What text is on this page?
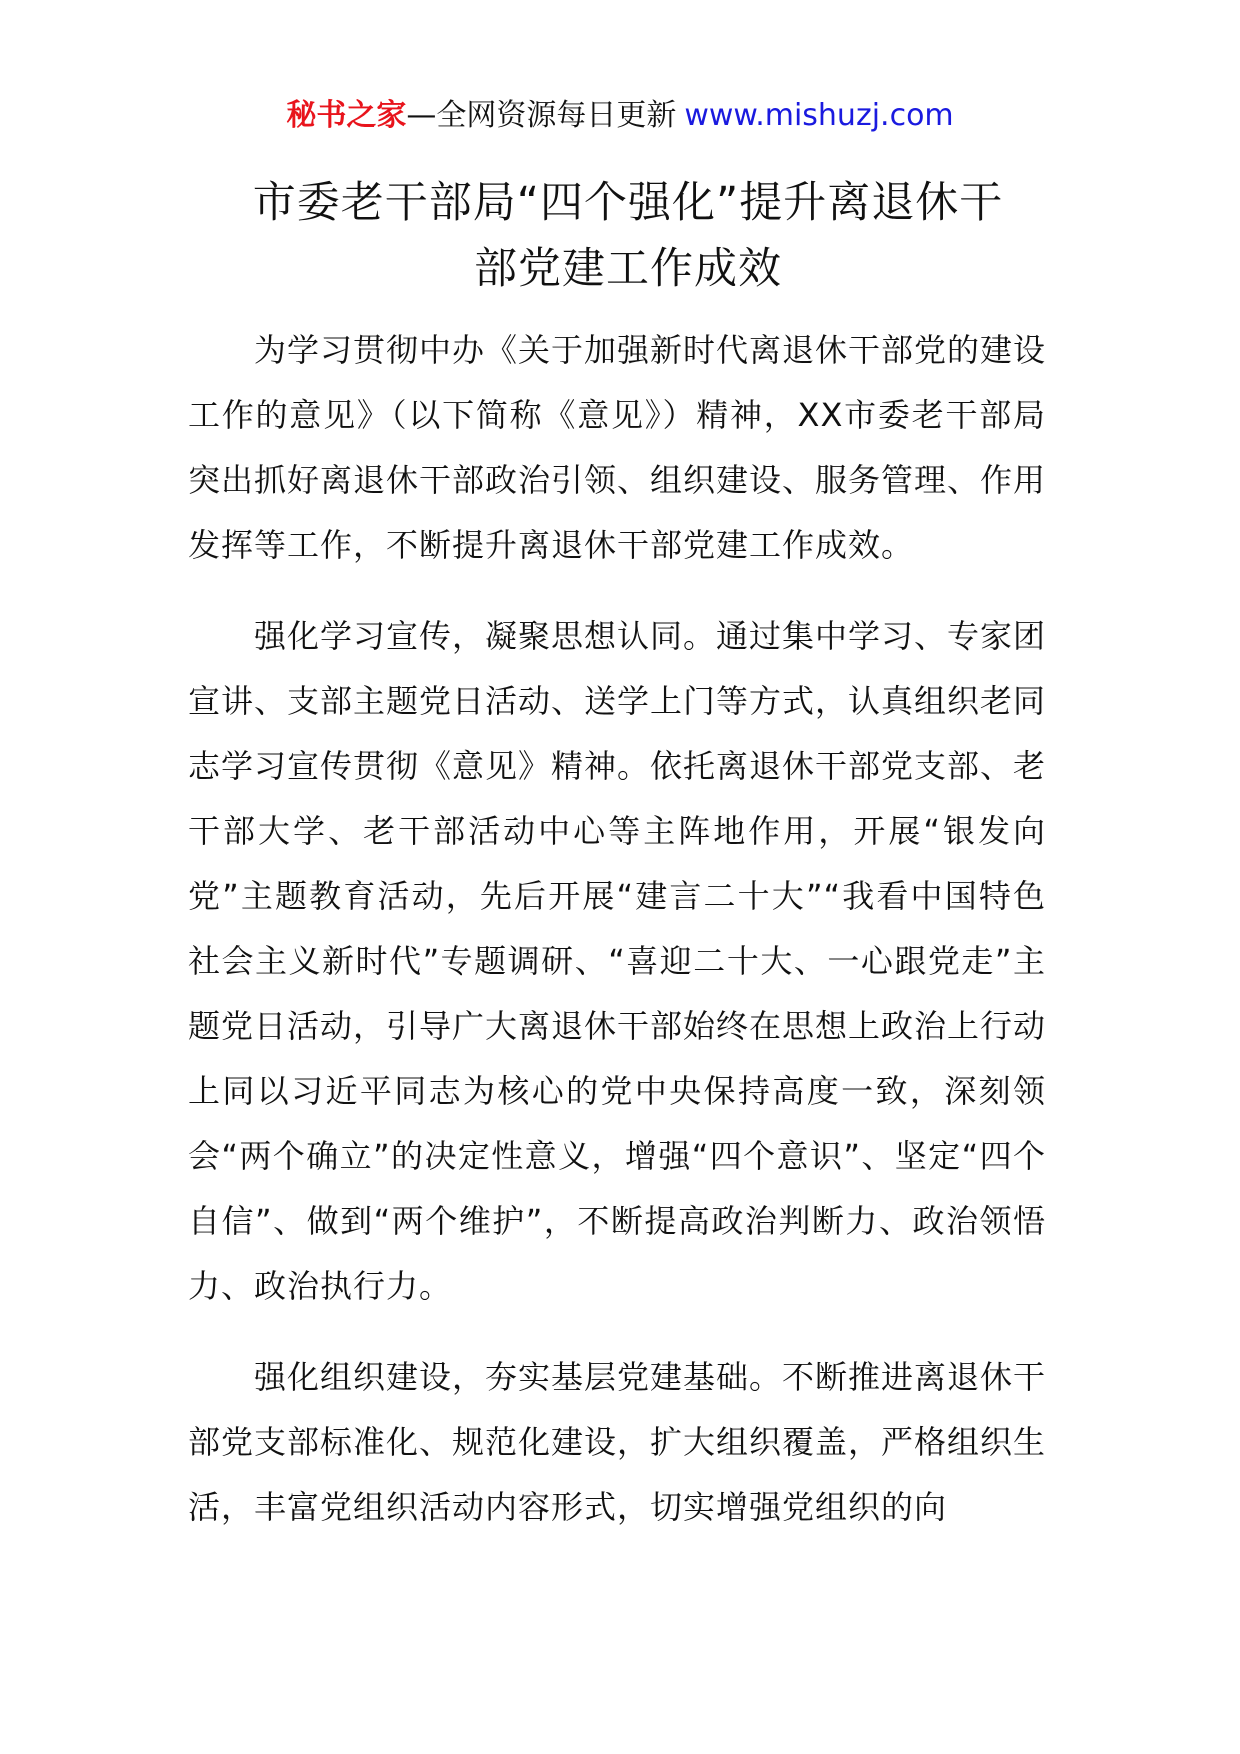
秘书之家—全网资源每日更新 www.mishuzj.com
市委老干部局“四个强化”提升离退休干
部党建工作成效

为学习贯彻中办《关于加强新时代离退休干部党的建设工作的意见》（以下简称《意见》）精神，XX市委老干部局突出抓好离退休干部政治引领、组织建设、服务管理、作用发挥等工作，不断提升离退休干部党建工作成效。

强化学习宣传，凝聚思想认同。通过集中学习、专家团宣讲、支部主题党日活动、送学上门等方式，认真组织老同志学习宣传贯彻《意见》精神。依托离退休干部党支部、老干部大学、老干部活动中心等主阵地作用，开展“银发向党”主题教育活动，先后开展“建言二十大”“我看中国特色社会主义新时代”专题调研、“喜迎二十大、一心跟党走”主题党日活动，引导广大离退休干部始终在思想上政治上行动上同以习近平同志为核心的党中央保持高度一致，深刻领会“两个确立”的决定性意义，增强“四个意识”、坚定“四个自信”、做到“两个维护”，不断提高政治判断力、政治领悟力、政治执行力。

强化组织建设，夯实基层党建基础。不断推进离退休干部党支部标准化、规范化建设，扩大组织覆盖，严格组织生活，丰富党组织活动内容形式，切实增强党组织的向
